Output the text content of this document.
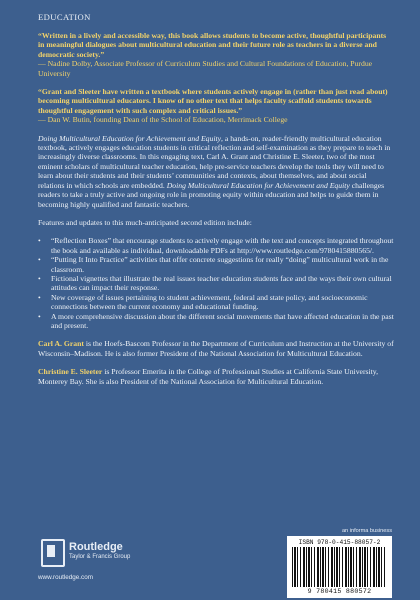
EDUCATION

“Written in a lively and accessible way, this book allows students to become active, thoughtful participants in meaningful dialogues about multicultural education and their future role as teachers in a diverse and democratic society.”

— Nadine Dolby, Associate Professor of Curriculum Studies and Cultural Foundations of Education, Purdue University

“Grant and Sleeter have written a textbook where students actively engage in (rather than just read about) becoming multicultural educators. I know of no other text that helps faculty scaffold students towards thoughtful engagement with such complex and critical issues.”

— Dan W. Butin, founding Dean of the School of Education, Merrimack College

Doing Multicultural Education for Achievement and Equity, a hands-on, reader-friendly multicultural education textbook, actively engages education students in critical reflection and self-examination as they prepare to teach in increasingly diverse classrooms. In this engaging text, Carl A. Grant and Christine E. Sleeter, two of the most eminent scholars of multicultural teacher education, help pre-service teachers develop the tools they will need to learn about their students and their students’ communities and contexts, about themselves, and about social relations in which schools are embedded. Doing Multicultural Education for Achievement and Equity challenges readers to take a truly active and ongoing role in promoting equity within education and helps to guide them in becoming highly qualified and fantastic teachers.

Features and updates to this much-anticipated second edition include:

• “Reflection Boxes” that encourage students to actively engage with the text and concepts integrated throughout the book and available as individual, downloadable PDFs at http://www.routledge.com/9780415880565/.
• “Putting It Into Practice” activities that offer concrete suggestions for really “doing” multicultural work in the classroom.
• Fictional vignettes that illustrate the real issues teacher education students face and the ways their own cultural attitudes can impact their response.
• New coverage of issues pertaining to student achievement, federal and state policy, and socioeconomic connections between the current economy and educational funding.
• A more comprehensive discussion about the different social movements that have affected education in the past and present.

Carl A. Grant is the Hoefs-Bascom Professor in the Department of Curriculum and Instruction at the University of Wisconsin–Madison. He is also former President of the National Association for Multicultural Education.

Christine E. Sleeter is Professor Emerita in the College of Professional Studies at California State University, Monterey Bay. She is also President of the National Association for Multicultural Education.

Routledge
Taylor & Francis Group
www.routledge.com
an informa business
ISBN 978-0-415-88057-2
9 780415 880572
